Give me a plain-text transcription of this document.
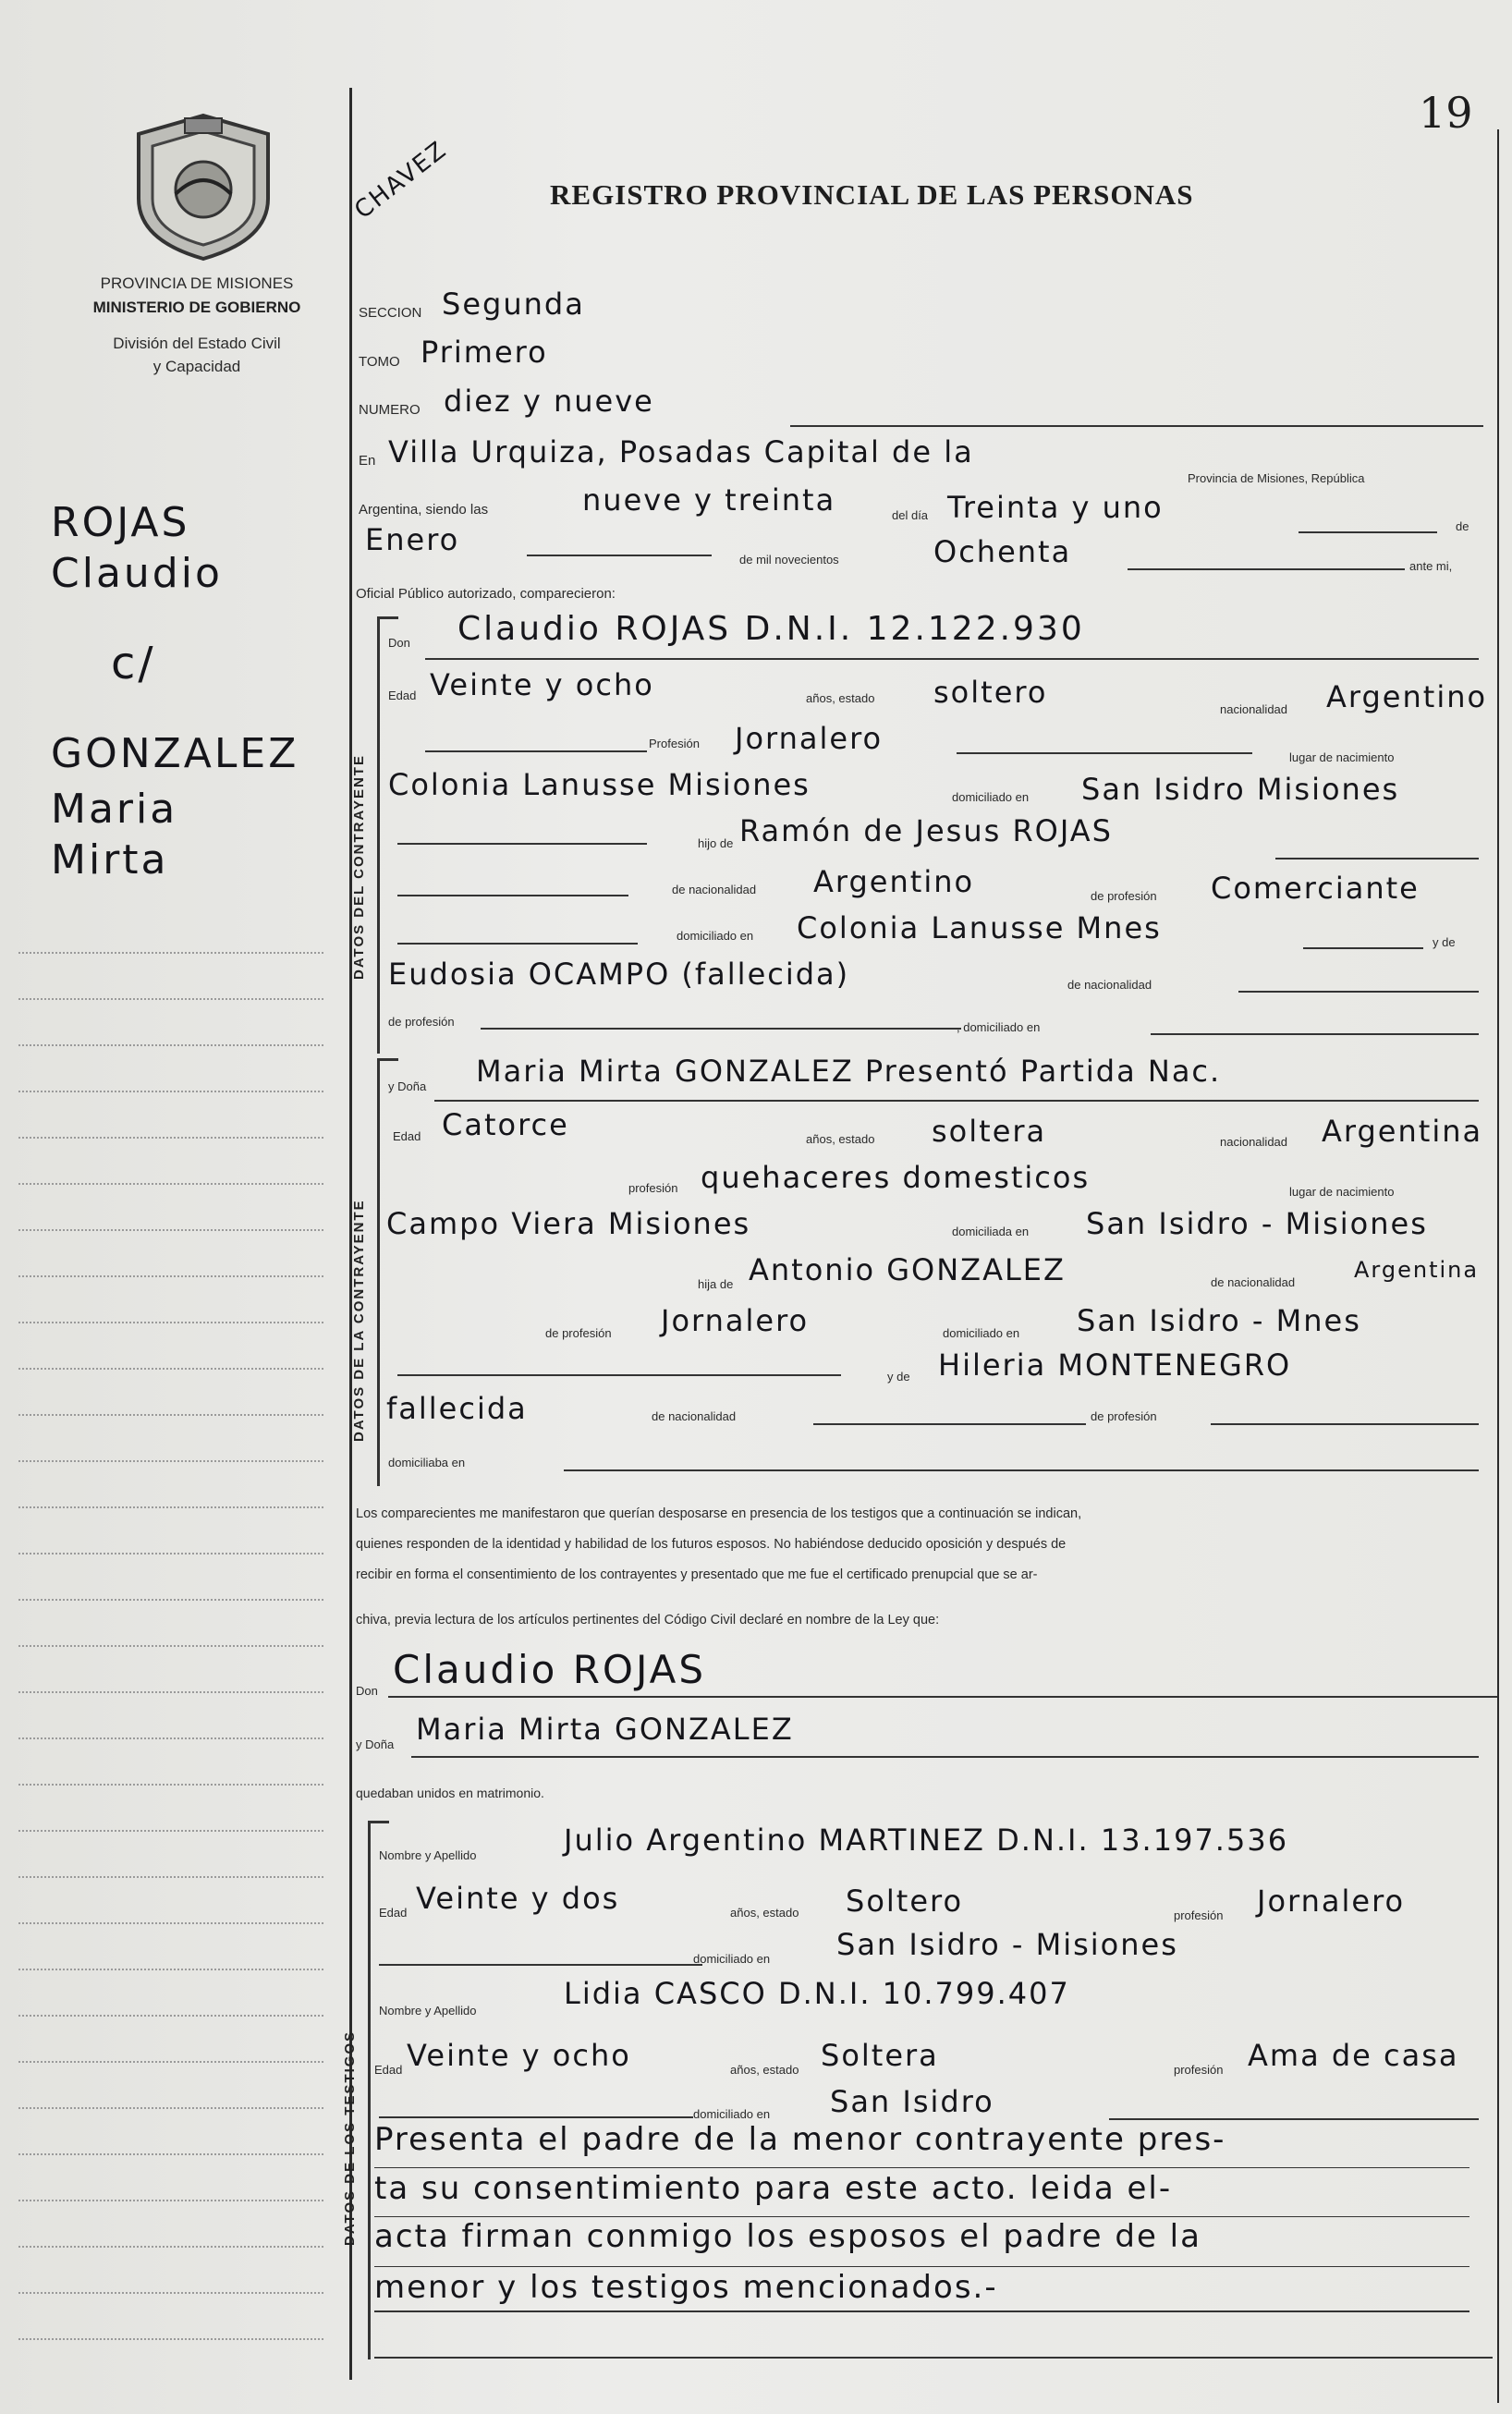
PROVINCIA DE MISIONES
MINISTERIO DE GOBIERNO
División del Estado Civil
y Capacidad
ROJAS
Claudio
c/
GONZALEZ
Maria
Mirta
CHAVEZ	REGISTRO PROVINCIAL DE LAS PERSONAS
19
SECCION Segunda
TOMO Primero
NUMERO diez y nueve
En Villa Urquiza, Posadas Capital de la
Provincia de Misiones, República
Argentina, siendo las	nueve y treinta	del día Treinta y uno
de
Enero
de mil novecientos	Ochenta	ante mi,
Oficial Público autorizado, comparecieron:
DATOS DEL CONTRAYENTE
Don Claudio ROJAS D.N.I. 12.122.930
Edad Veinte y ocho	años, estado soltero	nacionalidad Argentino
Profesión Jornalero
lugar de nacimiento
Colonia Lanusse Misiones	domiciliado en San Isidro Misiones
hijo de Ramón de Jesus ROJAS
de nacionalidad Argentino	de profesión Comerciante
domiciliado en Colonia Lanusse Mnes	y de
Eudosia OCAMPO (fallecida)	de nacionalidad
de profesión	, domiciliado en
DATOS DE LA CONTRAYENTE
y Doña Maria Mirta GONZALEZ Presentó Partida Nac.
Edad Catorce	años, estado soltera	nacionalidad Argentina
profesión quehaceres domesticos	lugar de nacimiento
Campo Viera Misiones	domiciliada en San Isidro - Misiones
hija de Antonio GONZALEZ	de nacionalidad	Argentina
de profesión Jornalero	domiciliado en San Isidro - Mnes
y de Hileria MONTENEGRO
fallecida	de nacionalidad	de profesión
domiciliaba en
Los comparecientes me manifestaron que querían desposarse en presencia de los testigos que a continuación se indican,
quienes responden de la identidad y habilidad de los futuros esposos. No habiéndose deducido oposición y después de
recibir en forma el consentimiento de los contrayentes y presentado que me fue el certificado prenupcial que se ar-
chiva, previa lectura de los artículos pertinentes del Código Civil declaré en nombre de la Ley que:
Don Claudio ROJAS
y Doña Maria Mirta GONZALEZ
quedaban unidos en matrimonio.
DATOS DE LOS TESTIGOS
Nombre y Apellido	Julio Argentino MARTINEZ D.N.I. 13.197.536
Edad Veinte y dos	años, estado Soltero	profesión Jornalero
domiciliado en San Isidro - Misiones
Nombre y Apellido	Lidia CASCO D.N.I. 10.799.407
Edad Veinte y ocho	años, estado Soltera	profesión Ama de casa
domiciliado en San Isidro
Presenta el padre de la menor contrayente pres-
ta su consentimiento para este acto. leida el-
acta firman conmigo los esposos el padre de la
menor y los testigos mencionados.-
